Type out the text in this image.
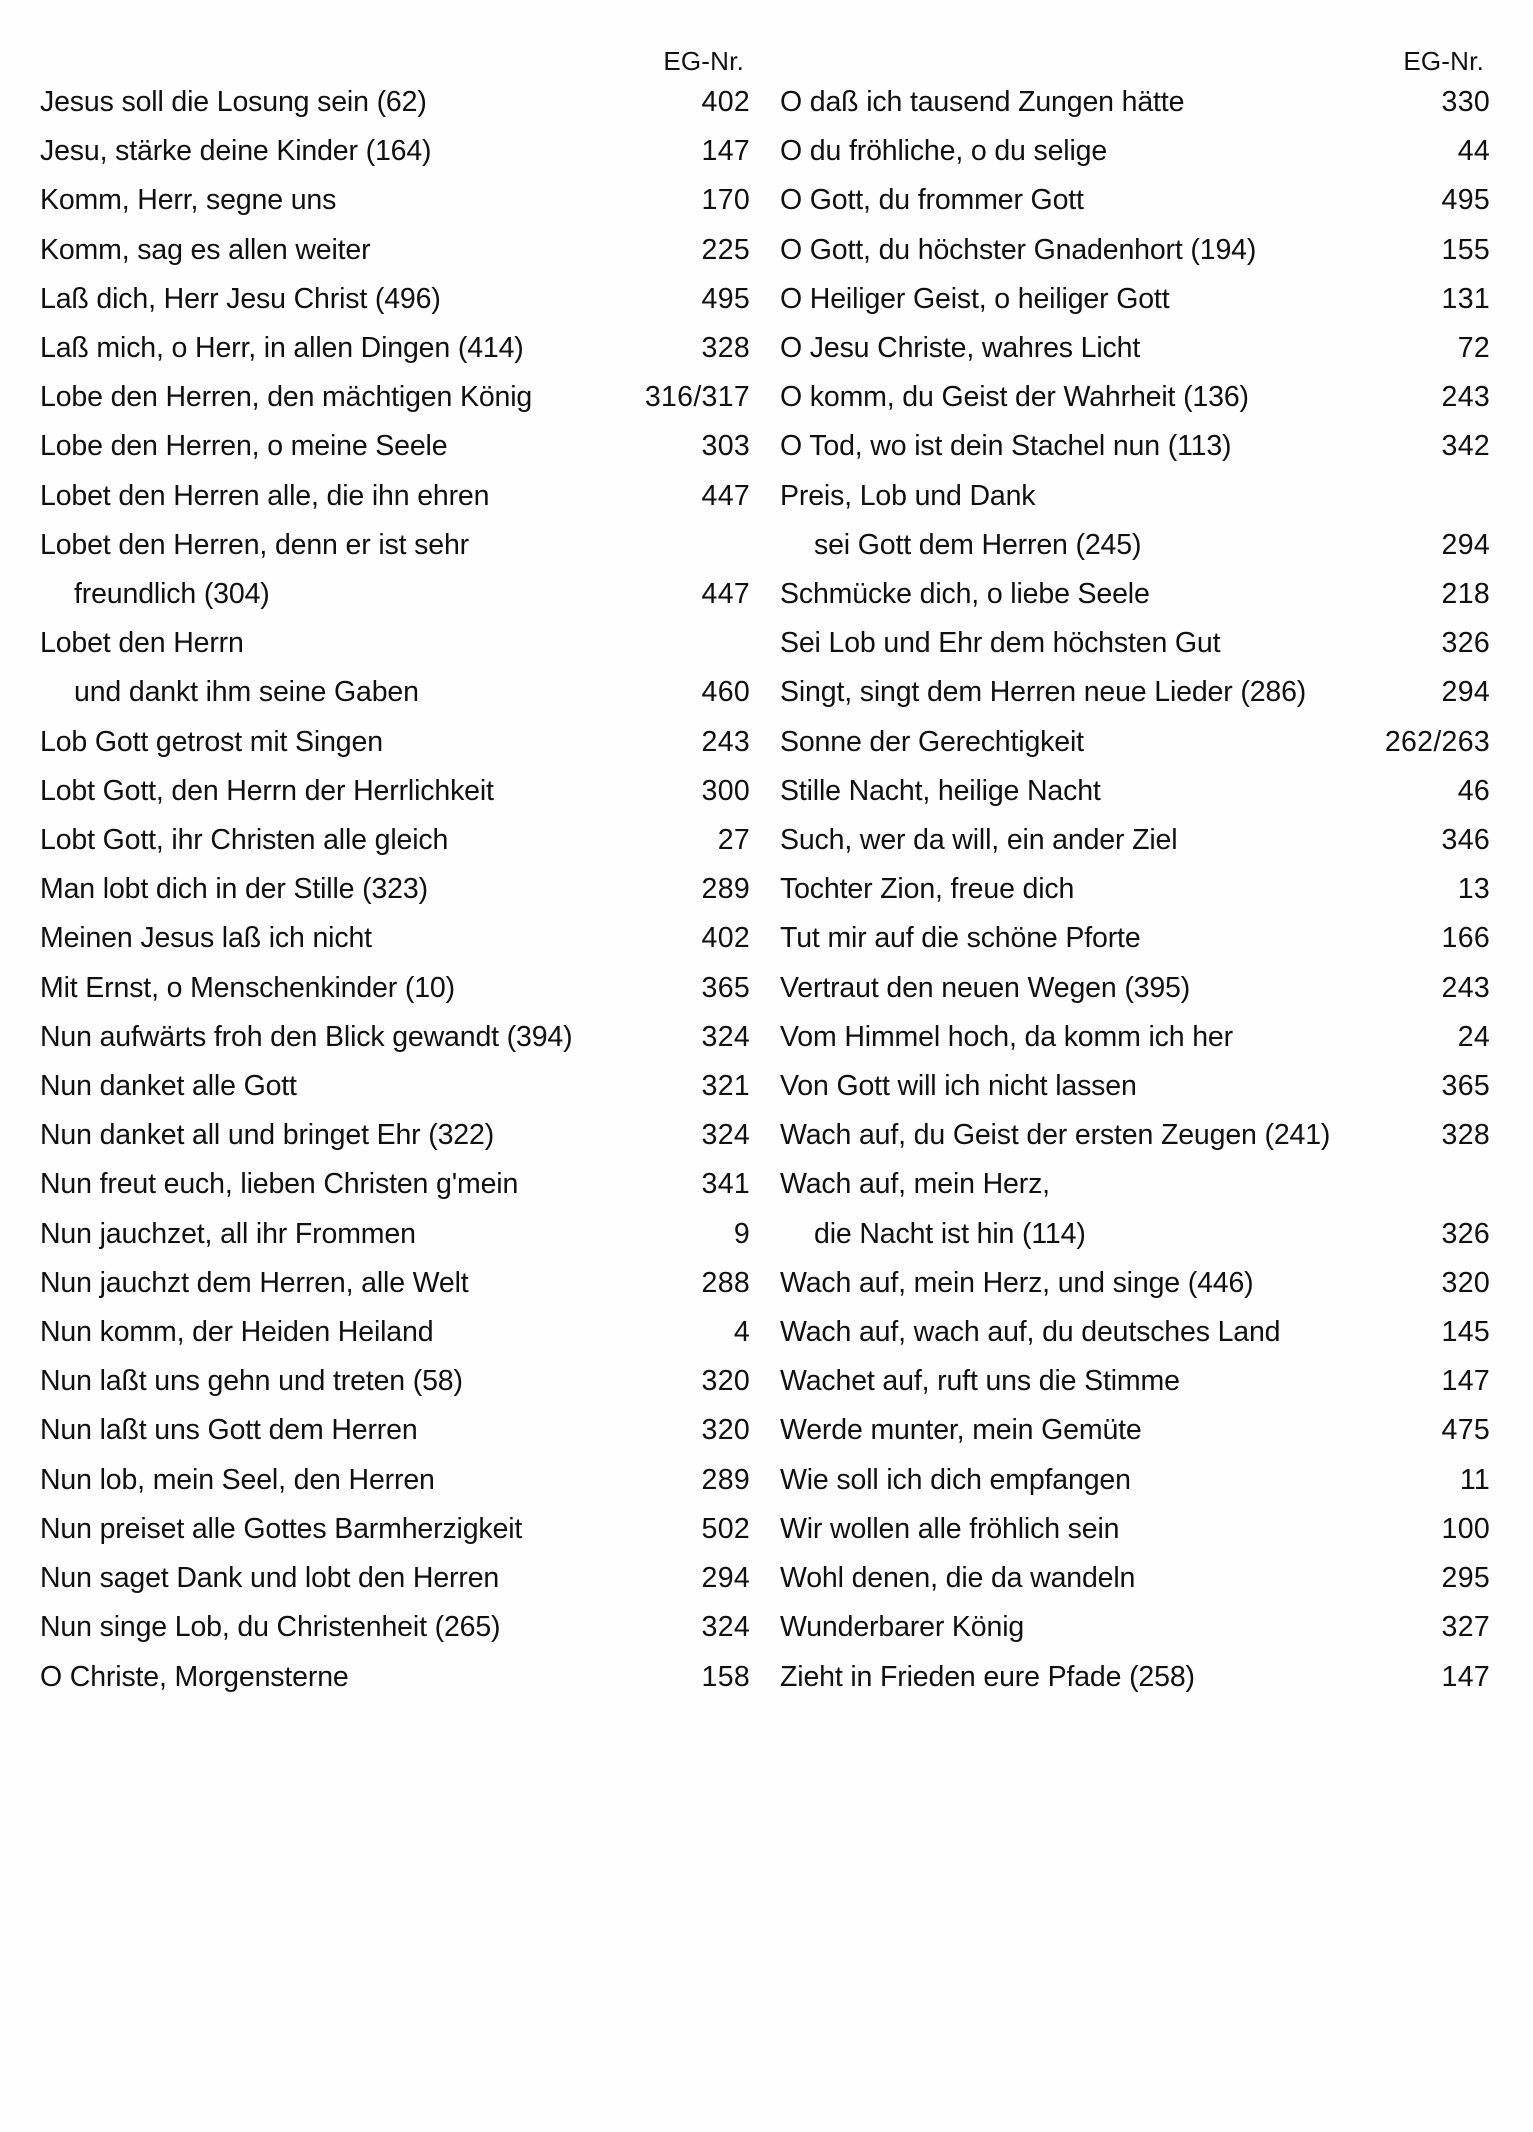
EG-Nr.
Jesus soll die Losung sein (62) .....	402
Jesu, stärke deine Kinder (164) .....	147
Komm, Herr, segne uns .....	170
Komm, sag es allen weiter .....	225
Laß dich, Herr Jesu Christ (496) .....	495
Laß mich, o Herr, in allen Dingen (414) .....	328
Lobe den Herren, den mächtigen König	316/317
Lobe den Herren, o meine Seele .....	303
Lobet den Herren alle, die ihn ehren .....	447
Lobet den Herren, denn er ist sehr
freundlich (304) .....	447
Lobet den Herrn
und dankt ihm seine Gaben .....	460
Lob Gott getrost mit Singen .....	243
Lobt Gott, den Herrn der Herrlichkeit .....	300
Lobt Gott, ihr Christen alle gleich .....	27
Man lobt dich in der Stille (323) .....	289
Meinen Jesus laß ich nicht .....	402
Mit Ernst, o Menschenkinder (10) .....	365
Nun aufwärts froh den Blick gewandt (394) .....	324
Nun danket alle Gott .....	321
Nun danket all und bringet Ehr (322) .....	324
Nun freut euch, lieben Christen g'mein .....	341
Nun jauchzet, all ihr Frommen .....	9
Nun jauchzt dem Herren, alle Welt .....	288
Nun komm, der Heiden Heiland .....	4
Nun laßt uns gehn und treten (58) .....	320
Nun laßt uns Gott dem Herren .....	320
Nun lob, mein Seel, den Herren .....	289
Nun preiset alle Gottes Barmherzigkeit .....	502
Nun saget Dank und lobt den Herren .....	294
Nun singe Lob, du Christenheit (265) .....	324
O Christe, Morgensterne .....	158
EG-Nr.
O daß ich tausend Zungen hätte .....	330
O du fröhliche, o du selige .....	44
O Gott, du frommer Gott .....	495
O Gott, du höchster Gnadenhort (194) .....	155
O Heiliger Geist, o heiliger Gott .....	131
O Jesu Christe, wahres Licht .....	72
O komm, du Geist der Wahrheit (136) .....	243
O Tod, wo ist dein Stachel nun (113) .....	342
Preis, Lob und Dank
sei Gott dem Herren (245) .....	294
Schmücke dich, o liebe Seele .....	218
Sei Lob und Ehr dem höchsten Gut .....	326
Singt, singt dem Herren neue Lieder (286) .....	294
Sonne der Gerechtigkeit .....	262/263
Stille Nacht, heilige Nacht .....	46
Such, wer da will, ein ander Ziel .....	346
Tochter Zion, freue dich .....	13
Tut mir auf die schöne Pforte .....	166
Vertraut den neuen Wegen (395) .....	243
Vom Himmel hoch, da komm ich her .....	24
Von Gott will ich nicht lassen .....	365
Wach auf, du Geist der ersten Zeugen (241)	328
Wach auf, mein Herz,
die Nacht ist hin (114) .....	326
Wach auf, mein Herz, und singe (446) .....	320
Wach auf, wach auf, du deutsches Land .....	145
Wachet auf, ruft uns die Stimme .....	147
Werde munter, mein Gemüte .....	475
Wie soll ich dich empfangen .....	11
Wir wollen alle fröhlich sein .....	100
Wohl denen, die da wandeln .....	295
Wunderbarer König .....	327
Zieht in Frieden eure Pfade (258) .....	147
